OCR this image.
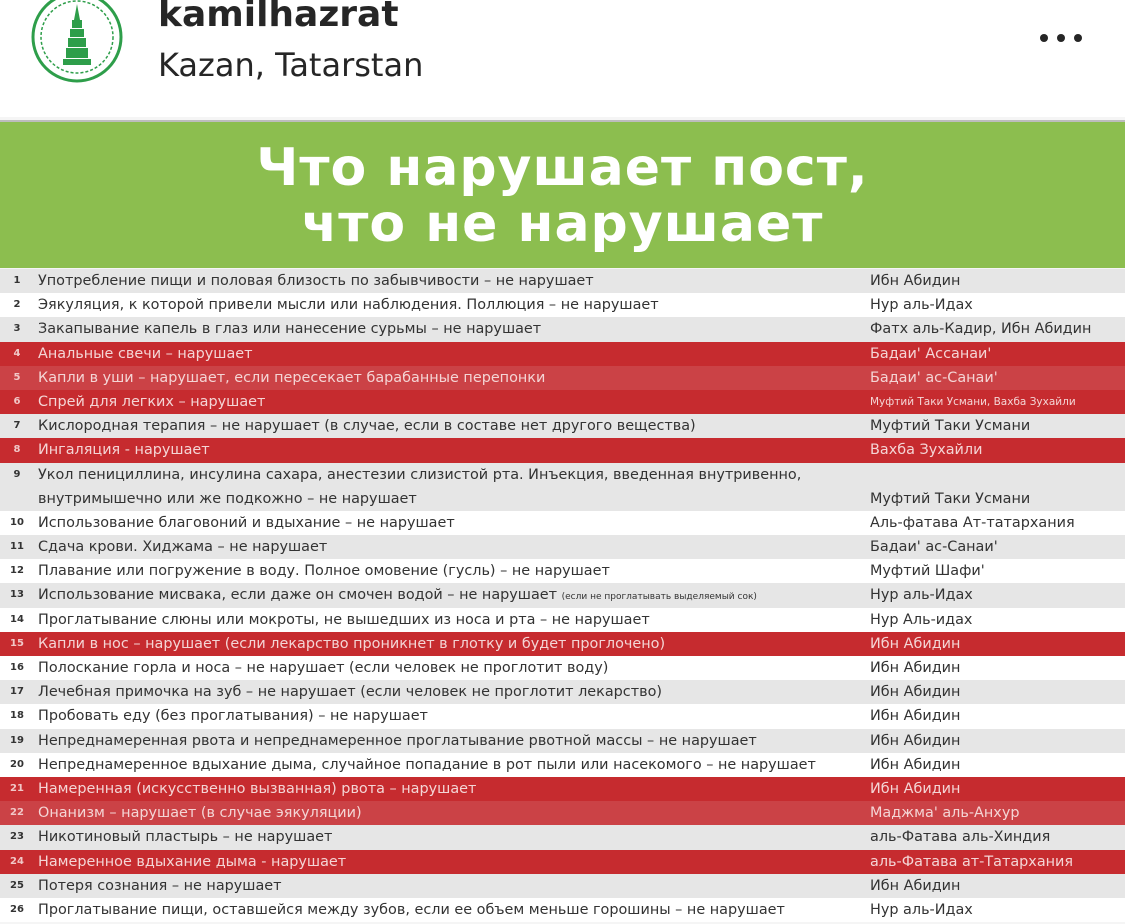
kamilhazrat
Kazan, Tatarstan
Что нарушает пост,
что не нарушает
1	Употребление пищи и половая близость по забывчивости – не нарушает	Ибн Абидин
2	Эякуляция, к которой привели мысли или наблюдения. Поллюция – не нарушает	Нур аль-Идах
3	Закапывание капель в глаз или нанесение сурьмы – не нарушает	Фатх аль-Кадир, Ибн Абидин
4	Анальные свечи – нарушает	Бадаи' Ассанаи'
5	Капли в уши – нарушает, если пересекает барабанные перепонки	Бадаи' ас-Санаи'
6	Спрей для легких – нарушает	Муфтий Таки Усмани, Вахба Зухайли
7	Кислородная терапия – не нарушает (в случае, если в составе нет другого вещества)	Муфтий Таки Усмани
8	Ингаляция - нарушает	Вахба Зухайли
9	Укол пенициллина, инсулина сахара, анестезии слизистой рта. Инъекция, введенная внутривенно, внутримышечно или же подкожно – не нарушает	Муфтий Таки Усмани
10 Использование благовоний и вдыхание – не нарушает	Аль-фатава Ат-татархания
11 Сдача крови. Хиджама – не нарушает	Бадаи' ас-Санаи'
12 Плавание или погружение в воду. Полное омовение (гусль) – не нарушает	Муфтий Шафи'
13 Использование мисвака, если даже он смочен водой – не нарушает (если не проглатывать выделяемый сок)	Нур аль-Идах
14 Проглатывание слюны или мокроты, не вышедших из носа и рта – не нарушает	Нур Аль-идах
15 Капли в нос – нарушает (если лекарство проникнет в глотку и будет проглочено)	Ибн Абидин
16 Полоскание горла и носа – не нарушает (если человек не проглотит воду)	Ибн Абидин
17 Лечебная примочка на зуб – не нарушает (если человек не проглотит лекарство)	Ибн Абидин
18 Пробовать еду (без проглатывания) – не нарушает	Ибн Абидин
19 Непреднамеренная рвота и непреднамеренное проглатывание рвотной массы – не нарушает	Ибн Абидин
20 Непреднамеренное вдыхание дыма, случайное попадание в рот пыли или насекомого – не нарушает	Ибн Абидин
21 Намеренная (искусственно вызванная) рвота – нарушает	Ибн Абидин
22 Онанизм – нарушает (в случае эякуляции)	Маджма' аль-Анхур
23 Никотиновый пластырь – не нарушает	аль-Фатава аль-Хиндия
24 Намеренное вдыхание дыма - нарушает	аль-Фатава ат-Татархания
25 Потеря сознания – не нарушает	Ибн Абидин
26 Проглатывание пищи, оставшейся между зубов, если ее объем меньше горошины – не нарушает	Нур аль-Идах
